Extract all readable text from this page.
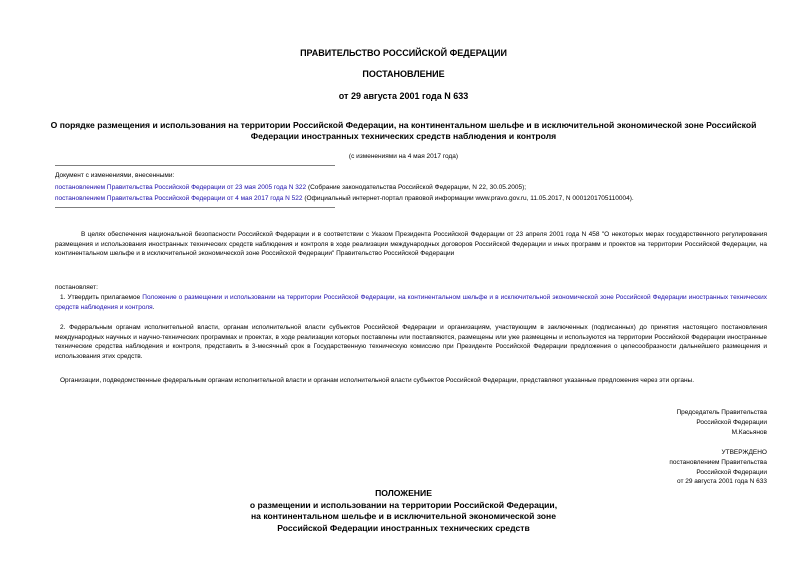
ПРАВИТЕЛЬСТВО РОССИЙСКОЙ ФЕДЕРАЦИИ
ПОСТАНОВЛЕНИЕ
от 29 августа 2001 года N 633
О порядке размещения и использования на территории Российской Федерации, на континентальном шельфе и в исключительной экономической зоне Российской
Федерации иностранных технических средств наблюдения и контроля
(с изменениями на 4 мая 2017 года)
Документ с изменениями, внесенными:
постановлением Правительства Российской Федерации от 23 мая 2005 года N 322 (Собрание законодательства Российской Федерации, N 22, 30.05.2005);
постановлением Правительства Российской Федерации от 4 мая 2017 года N 522 (Официальный интернет-портал правовой информации www.pravo.gov.ru, 11.05.2017, N 0001201705110004).
В целях обеспечения национальной безопасности Российской Федерации и в соответствии с Указом Президента Российской Федерации от 23 апреля 2001 года N 458 "О некоторых мерах государственного регулирования размещения и использования иностранных технических средств наблюдения и контроля в ходе реализации международных договоров Российской Федерации и иных программ и проектов на территории Российской Федерации, на континентальном шельфе и в исключительной экономической зоне Российской Федерации" Правительство Российской Федерации
постановляет:
1. Утвердить прилагаемое Положение о размещении и использовании на территории Российской Федерации, на континентальном шельфе и в исключительной экономической зоне Российской Федерации иностранных технических средств наблюдения и контроля.
2. Федеральным органам исполнительной власти, органам исполнительной власти субъектов Российской Федерации и организациям, участвующим в заключенных (подписанных) до принятия настоящего постановления международных научных и научно-технических программах и проектах, в ходе реализации которых поставлены или поставляются, размещены или уже размещены и используются на территории Российской Федерации иностранные технические средства наблюдения и контроля, представить в 3-месячный срок в Государственную техническую комиссию при Президенте Российской Федерации предложения о целесообразности дальнейшего размещения и использования этих средств.
Организации, подведомственные федеральным органам исполнительной власти и органам исполнительной власти субъектов Российской Федерации, представляют указанные предложения через эти органы.
Председатель Правительства
Российской Федерации
М.Касьянов
УТВЕРЖДЕНО
постановлением Правительства
Российской Федерации
от 29 августа 2001 года N 633
ПОЛОЖЕНИЕ
о размещении и использовании на территории Российской Федерации,
на континентальном шельфе и в исключительной экономической зоне
Российской Федерации иностранных технических средств
